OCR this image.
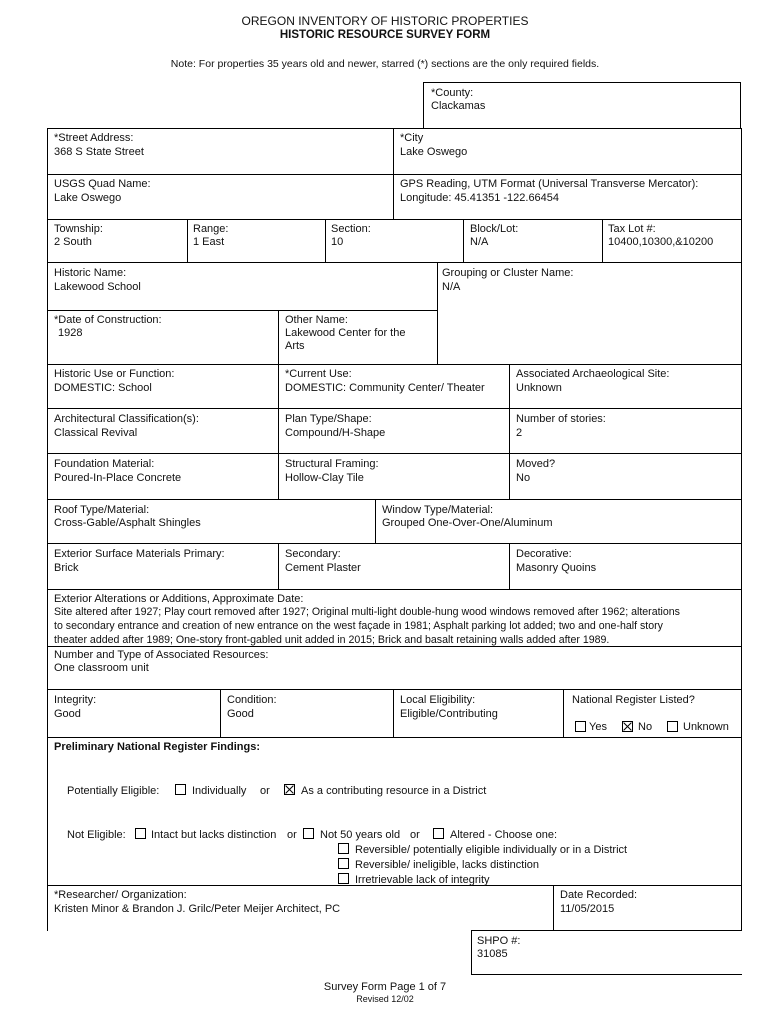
OREGON INVENTORY OF HISTORIC PROPERTIES
HISTORIC RESOURCE SURVEY FORM
Note: For properties 35 years old and newer, starred (*) sections are the only required fields.
*County:
Clackamas
*Street Address:
368 S State Street
*City
Lake Oswego
USGS Quad Name:
Lake Oswego
GPS Reading, UTM Format (Universal Transverse Mercator):
Longitude: 45.41351 -122.66454
Township:
2 South
Range:
1 East
Section:
10
Block/Lot:
N/A
Tax Lot #:
10400,10300,&10200
Historic Name:
Lakewood School
Grouping or Cluster Name:
N/A
*Date of Construction:
1928
Other Name:
Lakewood Center for the
Arts
Historic Use or Function:
DOMESTIC: School
*Current Use:
DOMESTIC: Community Center/ Theater
Associated Archaeological Site:
Unknown
Architectural Classification(s):
Classical Revival
Plan Type/Shape:
Compound/H-Shape
Number of stories:
2
Foundation Material:
Poured-In-Place Concrete
Structural Framing:
Hollow-Clay Tile
Moved?
No
Roof Type/Material:
Cross-Gable/Asphalt Shingles
Window Type/Material:
Grouped One-Over-One/Aluminum
Exterior Surface Materials Primary:
Brick
Secondary:
Cement Plaster
Decorative:
Masonry Quoins
Exterior Alterations or Additions, Approximate Date:
Site altered after 1927; Play court removed after 1927; Original multi-light double-hung wood windows removed after 1962; alterations
to secondary entrance and creation of new entrance on the west façade in 1981; Asphalt parking lot added; two and one-half story
theater added after 1989; One-story front-gabled unit added in 2015; Brick and basalt retaining walls added after 1989.
Number and Type of Associated Resources:
One classroom unit
Integrity:
Good
Condition:
Good
Local Eligibility:
Eligible/Contributing
National Register Listed?
Yes	No	Unknown
Preliminary National Register Findings:
Potentially Eligible:	Individually or	As a contributing resource in a District
Not Eligible: Intact but lacks distinction or Not 50 years old or	Altered - Choose one:
Reversible/ potentially eligible individually or in a District
Reversible/ ineligible, lacks distinction
Irretrievable lack of integrity
*Researcher/ Organization:
Kristen Minor & Brandon J. Grilc/Peter Meijer Architect, PC
Date Recorded:
11/05/2015
SHPO #:
31085
Survey Form Page 1 of 7
Revised 12/02
